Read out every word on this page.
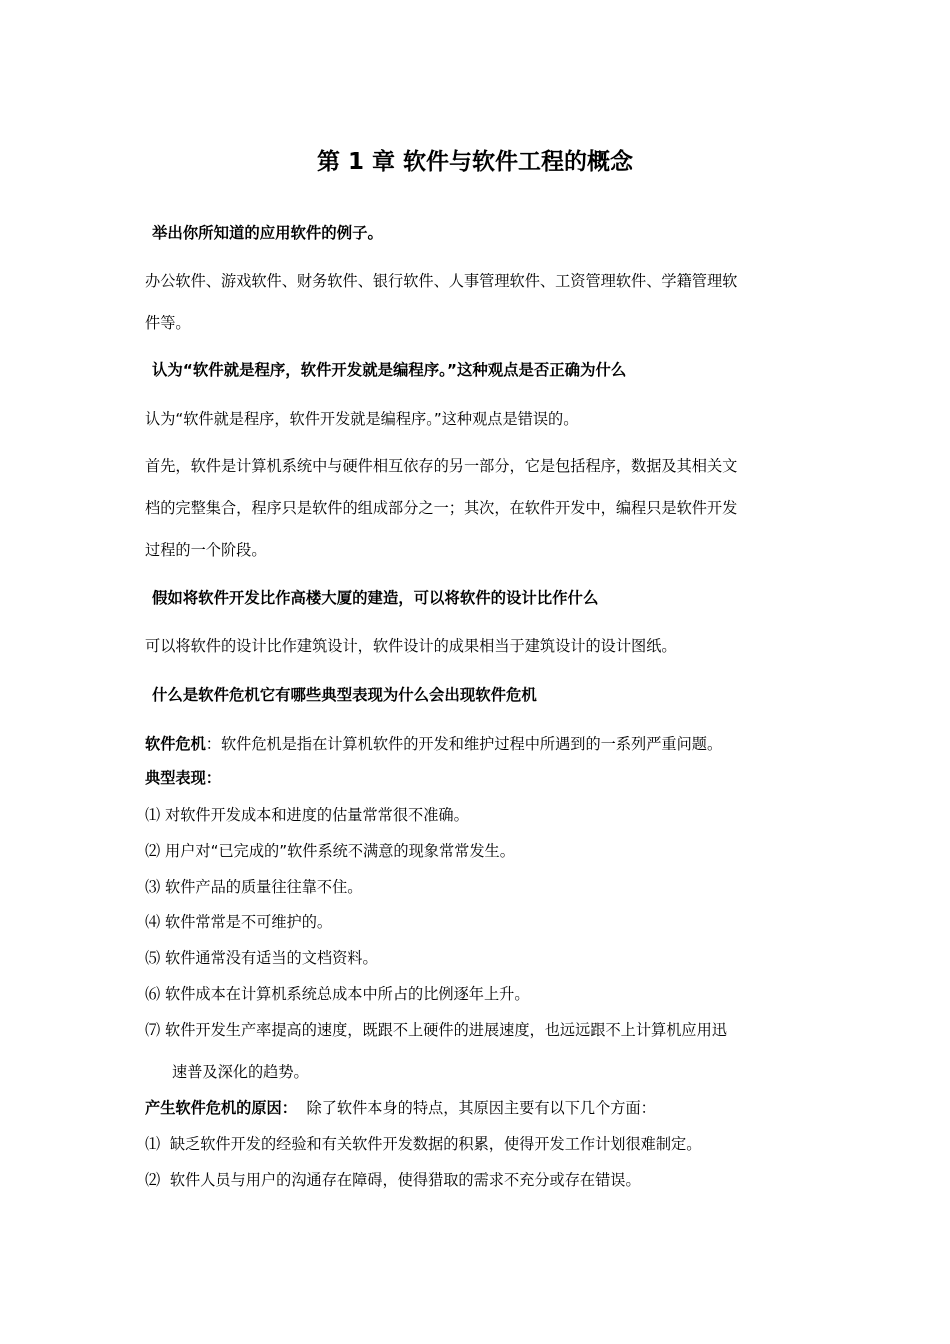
第 1 章 软件与软件工程的概念
举出你所知道的应用软件的例子。
办公软件、游戏软件、财务软件、银行软件、人事管理软件、工资管理软件、学籍管理软
件等。
认为“软件就是程序，软件开发就是编程序。”这种观点是否正确为什么
认为“软件就是程序，软件开发就是编程序。”这种观点是错误的。
首先，软件是计算机系统中与硬件相互依存的另一部分，它是包括程序，数据及其相关文
档的完整集合，程序只是软件的组成部分之一；其次，在软件开发中，编程只是软件开发
过程的一个阶段。
假如将软件开发比作高楼大厦的建造，可以将软件的设计比作什么
可以将软件的设计比作建筑设计，软件设计的成果相当于建筑设计的设计图纸。
什么是软件危机它有哪些典型表现为什么会出现软件危机
软件危机：软件危机是指在计算机软件的开发和维护过程中所遇到的一系列严重问题。
典型表现：
⑴ 对软件开发成本和进度的估量常常很不准确。
⑵ 用户对“已完成的”软件系统不满意的现象常常发生。
⑶ 软件产品的质量往往靠不住。
⑷ 软件常常是不可维护的。
⑸ 软件通常没有适当的文档资料。
⑹ 软件成本在计算机系统总成本中所占的比例逐年上升。
⑺ 软件开发生产率提高的速度，既跟不上硬件的进展速度，也远远跟不上计算机应用迅
速普及深化的趋势。
产生软件危机的原因：  除了软件本身的特点，其原因主要有以下几个方面：
⑴  缺乏软件开发的经验和有关软件开发数据的积累，使得开发工作计划很难制定。
⑵  软件人员与用户的沟通存在障碍，使得猎取的需求不充分或存在错误。
